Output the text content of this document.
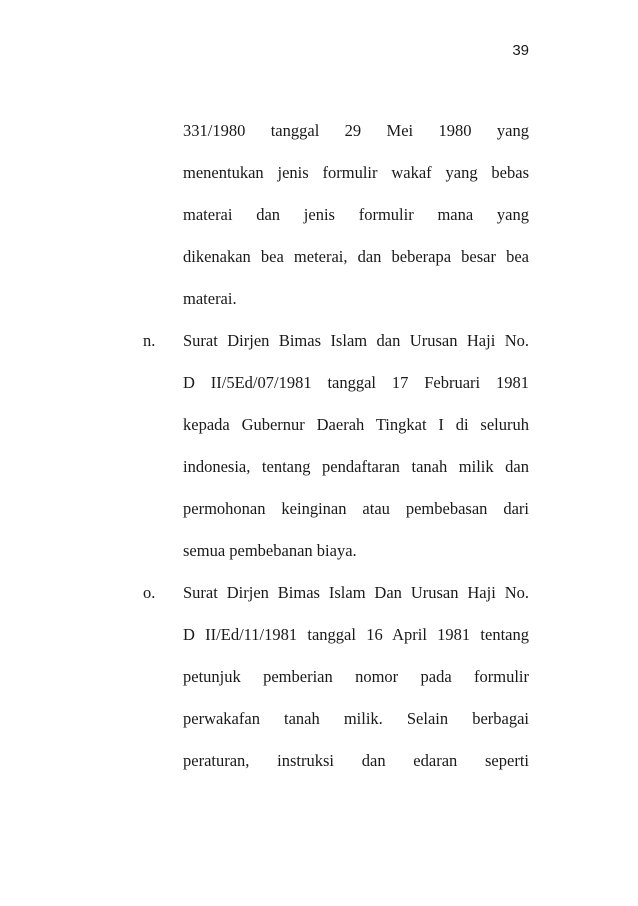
39
331/1980 tanggal 29 Mei 1980 yang
menentukan jenis formulir wakaf yang bebas
materai dan jenis formulir mana yang
dikenakan bea meterai, dan beberapa besar bea
materai.
n. Surat Dirjen Bimas Islam dan Urusan Haji No.
D II/5Ed/07/1981 tanggal 17 Februari 1981
kepada Gubernur Daerah Tingkat I di seluruh
indonesia, tentang pendaftaran tanah milik dan
permohonan keinginan atau pembebasan dari
semua pembebanan biaya.
o. Surat Dirjen Bimas Islam Dan Urusan Haji No.
D II/Ed/11/1981 tanggal 16 April 1981 tentang
petunjuk pemberian nomor pada formulir
perwakafan tanah milik. Selain berbagai
peraturan, instruksi dan edaran seperti
